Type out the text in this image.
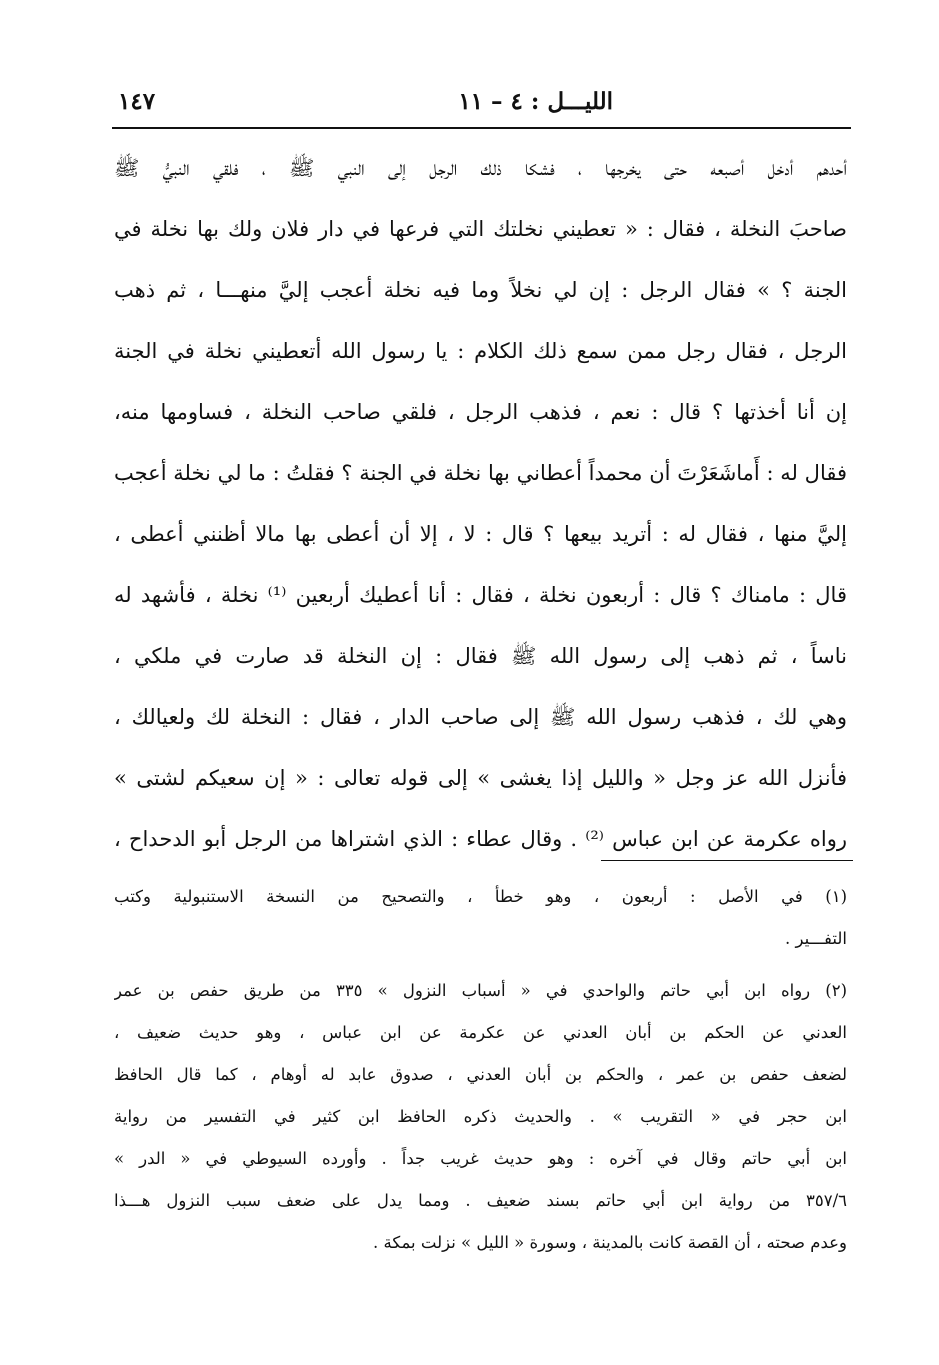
الليـــل : ٤ – ١١
١٤٧
أحدهم أدخل أصبعه حتى يخرجها ، فشكا ذلك الرجل إلى النبي ﷺ ، فلقي النبيُّ ﷺ
صاحبَ النخلة ، فقال : « تعطيني نخلتك التي فرعها في دار فلان ولك بها نخلة في
الجنة ؟ » فقال الرجل : إن لي نخلاً وما فيه نخلة أعجب إليَّ منهـــا ، ثم ذهب
الرجل ، فقال رجل ممن سمع ذلك الكلام : يا رسول الله أتعطيني نخلة في الجنة
إن أنا أخذتها ؟ قال : نعم ، فذهب الرجل ، فلقي صاحب النخلة ، فساومها منه،
فقال له : أَماشَعَرْتَ أن محمداً أعطاني بها نخلة في الجنة ؟ فقلتُ : ما لي نخلة أعجب
إليَّ منها ، فقال له : أتريد بيعها ؟ قال : لا ، إلا أن أعطى بها مالا أظنني أعطى ،
قال : مامناك ؟ قال : أربعون نخلة ، فقال : أنا أعطيك أربعين ⁽¹⁾ نخلة ، فأشهد له
ناساً ، ثم ذهب إلى رسول الله ﷺ فقال : إن النخلة قد صارت في ملكي ،
وهي لك ، فذهب رسول الله ﷺ إلى صاحب الدار ، فقال : النخلة لك ولعيالك ،
فأنزل الله عز وجل « والليل إذا يغشى » إلى قوله تعالى : « إن سعيكم لشتى »
رواه عكرمة عن ابن عباس ⁽²⁾ . وقال عطاء : الذي اشتراها من الرجل أبو الدحداح ،
(١) في الأصل : أربعون ، وهو خطأ ، والتصحيح من النسخة الاستنبولية وكتب
التفـــير .
(٢) رواه ابن أبي حاتم والواحدي في « أسباب النزول » ٣٣٥ من طريق حفص بن عمر
العدني عن الحكم بن أبان العدني عن عكرمة عن ابن عباس ، وهو حديث ضعيف ،
لضعف حفص بن عمر ، والحكم بن أبان العدني ، صدوق عابد له أوهام ، كما قال الحافظ
ابن حجر في « التقريب » . والحديث ذكره الحافظ ابن كثير في التفسير من رواية
ابن أبي حاتم وقال في آخره : وهو حديث غريب جداً . وأورده السيوطي في « الدر »
٣٥٧/٦ من رواية ابن أبي حاتم بسند ضعيف . ومما يدل على ضعف سبب النزول هـــذا
وعدم صحته ، أن القصة كانت بالمدينة ، وسورة « الليل » نزلت بمكة .
